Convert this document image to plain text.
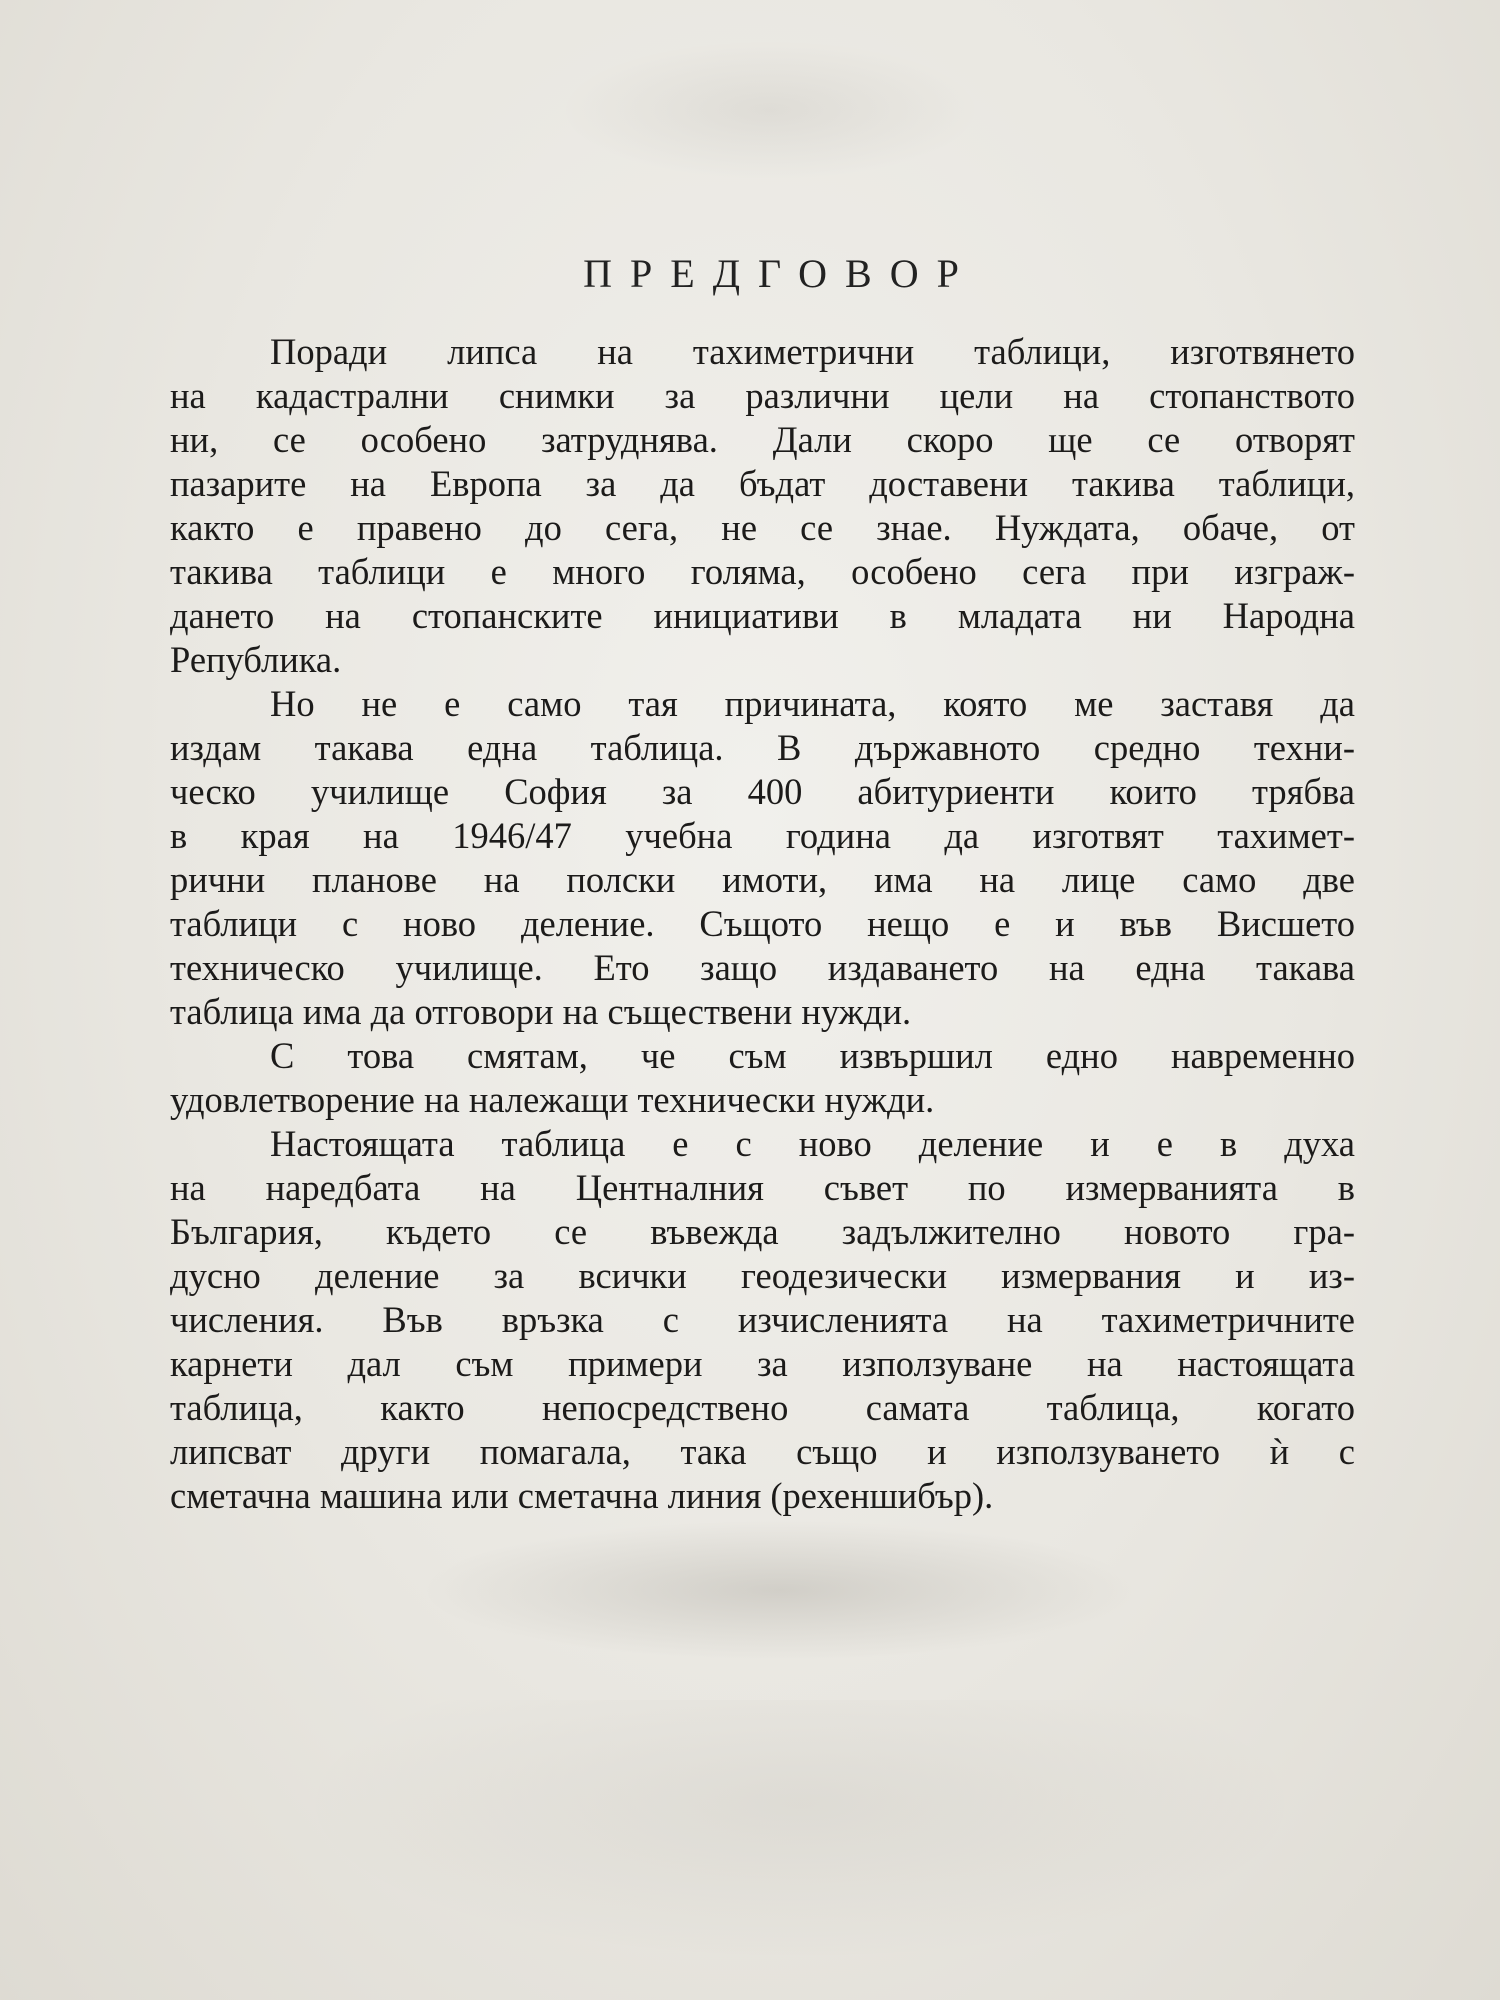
ПРЕДГОВОР
Поради липса на тахиметрични таблици, изготвянето
на кадастрални снимки за различни цели на стопанството
ни, се особено затруднява. Дали скоро ще се отворят
пазарите на Европа за да бъдат доставени такива таблици,
както е правено до сега, не се знае. Нуждата, обаче, от
такива таблици е много голяма, особено сега при изграж-
дането на стопанските инициативи в младата ни Народна
Република.
Но не е само тая причината, която ме заставя да
издам такава една таблица. В държавното средно техни-
ческо училище София за 400 абитуриенти които трябва
в края на 1946/47 учебна година да изготвят тахимет-
рични планове на полски имоти, има на лице само две
таблици с ново деление. Същото нещо е и във Висшето
техническо училище. Ето защо издаването на една такава
таблица има да отговори на съществени нужди.
С това смятам, че съм извършил едно навременно
удовлетворение на належащи технически нужди.
Настоящата таблица е с ново деление и е в духа
на наредбата на Центналния съвет по измерванията в
България, където се въвежда задължително новото гра-
дусно деление за всички геодезически измервания и из-
числения. Във връзка с изчисленията на тахиметричните
карнети дал съм примери за използуване на настоящата
таблица, както непосредствено самата таблица, когато
липсват други помагала, така също и използуването ѝ с
сметачна машина или сметачна линия (рехеншибър).
